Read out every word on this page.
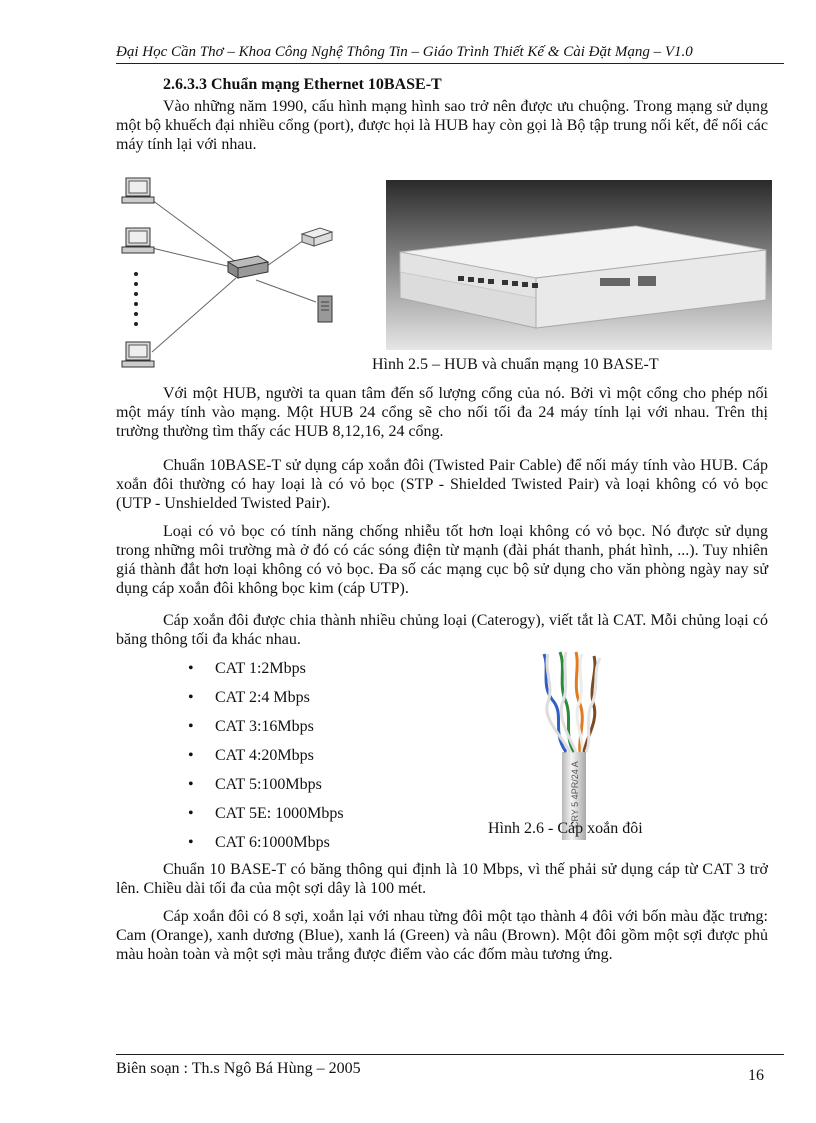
Đại Học Cần Thơ – Khoa Công Nghệ Thông Tin – Giáo Trình Thiết Kế & Cài Đặt Mạng – V1.0
2.6.3.3 Chuẩn mạng Ethernet 10BASE-T
Vào những năm 1990, cấu hình mạng hình sao trở nên được ưu chuộng. Trong mạng sử dụng một bộ khuếch đại nhiều cổng (port), được họi là HUB hay còn gọi là Bộ tập trung nối kết, để nối các máy tính lại với nhau.
Hình 2.5 – HUB và chuẩn mạng 10 BASE-T
Với một HUB, người ta quan tâm đến số lượng cổng của nó. Bởi vì một cổng cho phép nối một máy tính vào mạng. Một HUB 24 cổng sẽ cho nối tối đa 24 máy tính lại với nhau. Trên thị trường thường tìm thấy các HUB 8,12,16, 24 cổng.
Chuẩn 10BASE-T sử dụng cáp xoắn đôi (Twisted Pair Cable) để nối máy tính vào HUB. Cáp xoắn đôi thường có hay loại là có vỏ bọc (STP - Shielded Twisted Pair) và loại không có vỏ bọc (UTP - Unshielded Twisted Pair).
Loại có vỏ bọc có tính năng chống nhiễu tốt hơn loại không có vỏ bọc. Nó được sử dụng trong những môi trường mà ở đó có các sóng điện từ mạnh (đài phát thanh, phát hình, ...). Tuy nhiên giá thành đắt hơn loại không có vỏ bọc. Đa số các mạng cục bộ sử dụng cho văn phòng ngày nay sử dụng cáp xoắn đôi không bọc kim (cáp UTP).
Cáp xoắn đôi được chia thành nhiều chủng loại (Caterogy), viết tắt là CAT. Mỗi chủng loại có băng thông tối đa khác nhau.
• CAT 1:2Mbps
• CAT 2:4 Mbps
• CAT 3:16Mbps
• CAT 4:20Mbps
• CAT 5:100Mbps
• CAT 5E: 1000Mbps
• CAT 6:1000Mbps
CRY 5 4PR/24 A
Hình 2.6 - Cáp xoắn đôi
Chuẩn 10 BASE-T có băng thông qui định là 10 Mbps, vì thế phải sử dụng cáp từ CAT 3 trở lên. Chiều dài tối đa của một sợi dây là 100 mét.
Cáp xoắn đôi có 8 sợi, xoắn lại với nhau từng đôi một tạo thành 4 đôi với bốn màu đặc trưng: Cam (Orange), xanh dương (Blue), xanh lá (Green) và nâu (Brown). Một đôi gồm một sợi được phủ màu hoàn toàn và một sợi màu trắng được điểm vào các đốm màu tương ứng.
Biên soạn : Th.s Ngô Bá Hùng – 2005	16
